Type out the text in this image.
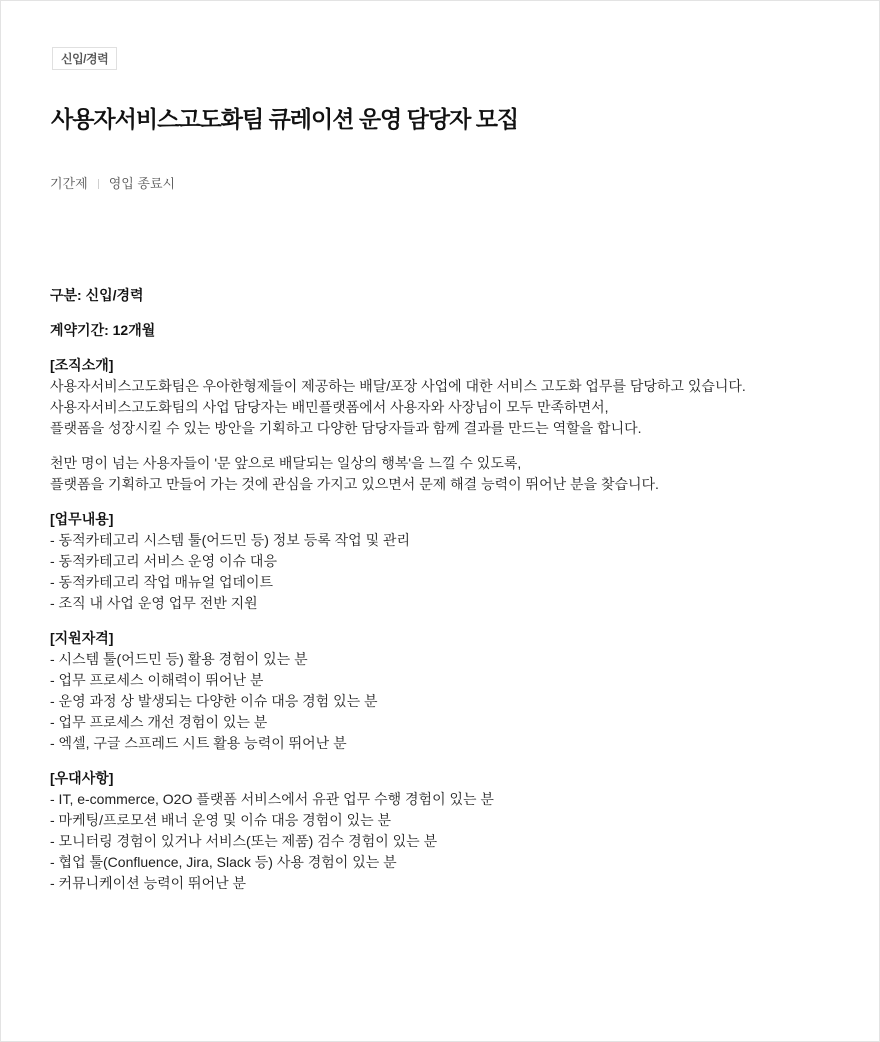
신입/경력
사용자서비스고도화팀 큐레이션 운영 담당자 모집
기간제 영입 종료시

구분: 신입/경력

계약기간: 12개월

[조직소개]

사용자서비스고도화팀은 우아한형제들이 제공하는 배달/포장 사업에 대한 서비스 고도화 업무를 담당하고 있습니다.

사용자서비스고도화팀의 사업 담당자는 배민플랫폼에서 사용자와 사장님이 모두 만족하면서,

플랫폼을 성장시킬 수 있는 방안을 기획하고 다양한 담당자들과 함께 결과를 만드는 역할을 합니다.

천만 명이 넘는 사용자들이 '문 앞으로 배달되는 일상의 행복'을 느낄 수 있도록,

플랫폼을 기획하고 만들어 가는 것에 관심을 가지고 있으면서 문제 해결 능력이 뛰어난 분을 찾습니다.

[업무내용]

- 동적카테고리 시스템 툴(어드민 등) 정보 등록 작업 및 관리

- 동적카테고리 서비스 운영 이슈 대응

- 동적카테고리 작업 매뉴얼 업데이트

- 조직 내 사업 운영 업무 전반 지원

[지원자격]

- 시스템 툴(어드민 등) 활용 경험이 있는 분

- 업무 프로세스 이해력이 뛰어난 분

- 운영 과정 상 발생되는 다양한 이슈 대응 경험 있는 분

- 업무 프로세스 개선 경험이 있는 분

- 엑셀, 구글 스프레드 시트 활용 능력이 뛰어난 분

[우대사항]

- IT, e-commerce, O2O 플랫폼 서비스에서 유관 업무 수행 경험이 있는 분

- 마케팅/프로모션 배너 운영 및 이슈 대응 경험이 있는 분

- 모니터링 경험이 있거나 서비스(또는 제품) 검수 경험이 있는 분

- 협업 툴(Confluence, Jira, Slack 등) 사용 경험이 있는 분

- 커뮤니케이션 능력이 뛰어난 분
